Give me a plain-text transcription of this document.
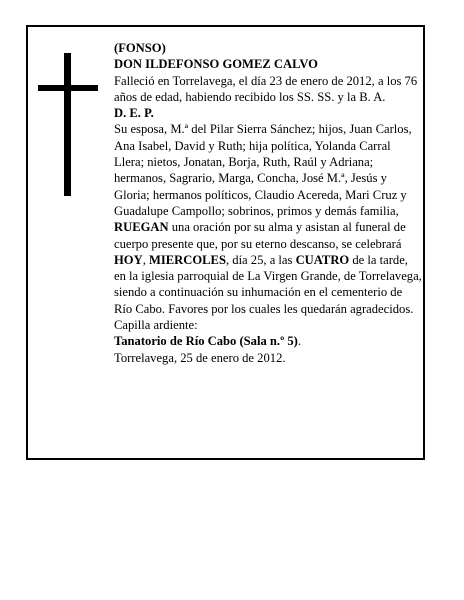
(FONSO)

DON ILDEFONSO GOMEZ CALVO

Falleció en Torrelavega, el día 23 de enero de 2012, a los 76 años de edad, habiendo recibido los SS. SS. y la B. A.

D. E. P.

Su esposa, M.ª del Pilar Sierra Sánchez; hijos, Juan Carlos, Ana Isabel, David y Ruth; hija política, Yolanda Carral Llera; nietos, Jonatan, Borja, Ruth, Raúl y Adriana; hermanos, Sagrario, Marga, Concha, José M.ª, Jesús y Gloria; hermanos políticos, Claudio Acereda, Mari Cruz y Guadalupe Campollo; sobrinos, primos y demás familia,

RUEGAN una oración por su alma y asistan al funeral de cuerpo presente que, por su eterno descanso, se celebrará HOY, MIERCOLES, día 25, a las CUATRO de la tarde, en la iglesia parroquial de La Virgen Grande, de Torrelavega, siendo a continuación su inhumación en el cementerio de Río Cabo. Favores por los cuales les quedarán agradecidos. Capilla ardiente:
Tanatorio de Río Cabo (Sala n.º 5).

Torrelavega, 25 de enero de 2012.
